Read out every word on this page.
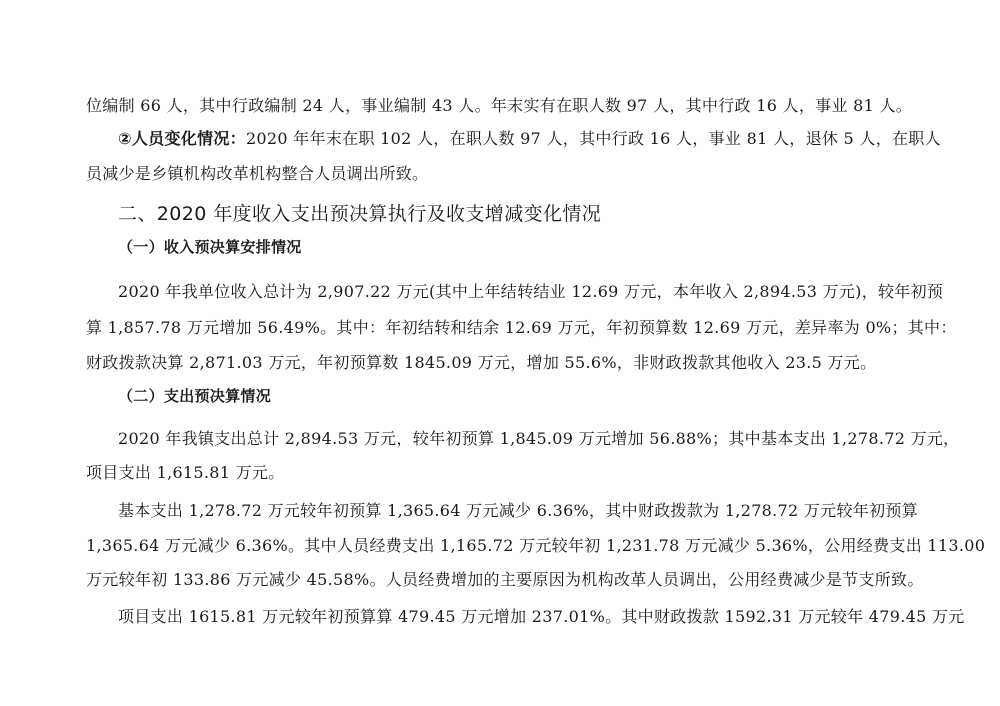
位编制 66 人，其中行政编制 24 人，事业编制 43 人。年末实有在职人数 97 人，其中行政 16 人，事业 81 人。
②人员变化情况：2020 年年末在职 102 人，在职人数 97 人，其中行政 16 人，事业 81 人，退休 5 人，在职人
员减少是乡镇机构改革机构整合人员调出所致。
二、2020 年度收入支出预决算执行及收支增减变化情况
（一）收入预决算安排情况
2020 年我单位收入总计为 2,907.22 万元(其中上年结转结业 12.69 万元，本年收入 2,894.53 万元)，较年初预
算 1,857.78 万元增加 56.49%。其中：年初结转和结余 12.69 万元，年初预算数 12.69 万元，差异率为 0%；其中：
财政拨款决算 2,871.03 万元，年初预算数 1845.09 万元，增加 55.6%，非财政拨款其他收入 23.5 万元。
（二）支出预决算情况
2020 年我镇支出总计 2,894.53 万元，较年初预算 1,845.09 万元增加 56.88%；其中基本支出 1,278.72 万元，
项目支出 1,615.81 万元。
基本支出 1,278.72 万元较年初预算 1,365.64 万元减少 6.36%，其中财政拨款为 1,278.72 万元较年初预算
1,365.64 万元减少 6.36%。其中人员经费支出 1,165.72 万元较年初 1,231.78 万元减少 5.36%，公用经费支出 113.00
万元较年初 133.86 万元减少 45.58%。人员经费增加的主要原因为机构改革人员调出，公用经费减少是节支所致。
项目支出 1615.81 万元较年初预算算 479.45 万元增加 237.01%。其中财政拨款 1592.31 万元较年 479.45 万元
